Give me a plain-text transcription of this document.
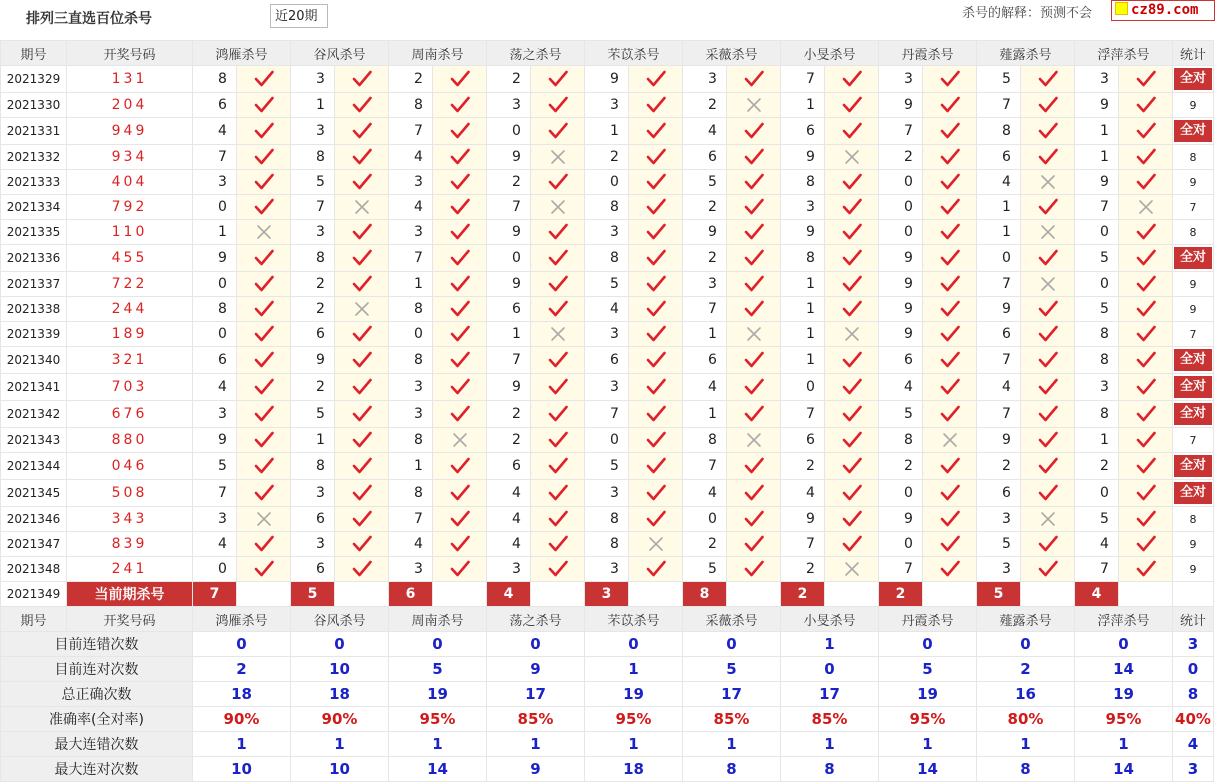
排列三直选百位杀号	近20期	杀号的解释：预测不会	cz89.com
期号	开奖号码	鸿雁杀号		谷风杀号		周南杀号		荡之杀号		芣苡杀号		采薇杀号		小旻杀号		丹霞杀号		薤露杀号		浮萍杀号		统计
2021329	131	8		3		2		2		9		3		7		3		5		3		全对

2021330	204	6		1		8		3		3		2		1		9		7		9		9
2021331	949	4		3		7		0		1		4		6		7		8		1		全对

2021332	934	7		8		4		9		2		6		9		2		6		1		8
2021333	404	3		5		3		2		0		5		8		0		4		9		9
2021334	792	0		7		4		7		8		2		3		0		1		7		7
2021335	110	1		3		3		9		3		9		9		0		1		0		8
2021336	455	9		8		7		0		8		2		8		9		0		5		全对

2021337	722	0		2		1		9		5		3		1		9		7		0		9
2021338	244	8		2		8		6		4		7		1		9		9		5		9
2021339	189	0		6		0		1		3		1		1		9		6		8		7
2021340	321	6		9		8		7		6		6		1		6		7		8		全对

2021341	703	4		2		3		9		3		4		0		4		4		3		全对

2021342	676	3		5		3		2		7		1		7		5		7		8		全对

2021343	880	9		1		8		2		0		8		6		8		9		1		7
2021344	046	5		8		1		6		5		7		2		2		2		2		全对

2021345	508	7		3		8		4		3		4		4		0		6		0		全对

2021346	343	3		6		7		4		8		0		9		9		3		5		8
2021347	839	4		3		4		4		8		2		7		0		5		4		9
2021348	241	0		6		3		3		3		5		2		7		3		7		9
2021349	当前期杀号	7		5		6		4		3		8		2		2		5		4		
期号	开奖号码	鸿雁杀号		谷风杀号		周南杀号		荡之杀号		芣苡杀号		采薇杀号		小旻杀号		丹霞杀号		薤露杀号		浮萍杀号		统计
目前连错次数		0		0		0		0		0		0		1		0		0		0		3
目前连对次数		2		10		5		9		1		5		0		5		2		14		0
总正确次数		18		18		19		17		19		17		17		19		16		19		8
准确率(全对率)		90%		90%		95%		85%		95%		85%		85%		95%		80%		95%		40%
最大连错次数		1		1		1		1		1		1		1		1		1		1		4
最大连对次数		10		10		14		9		18		8		8		14		8		14		3
